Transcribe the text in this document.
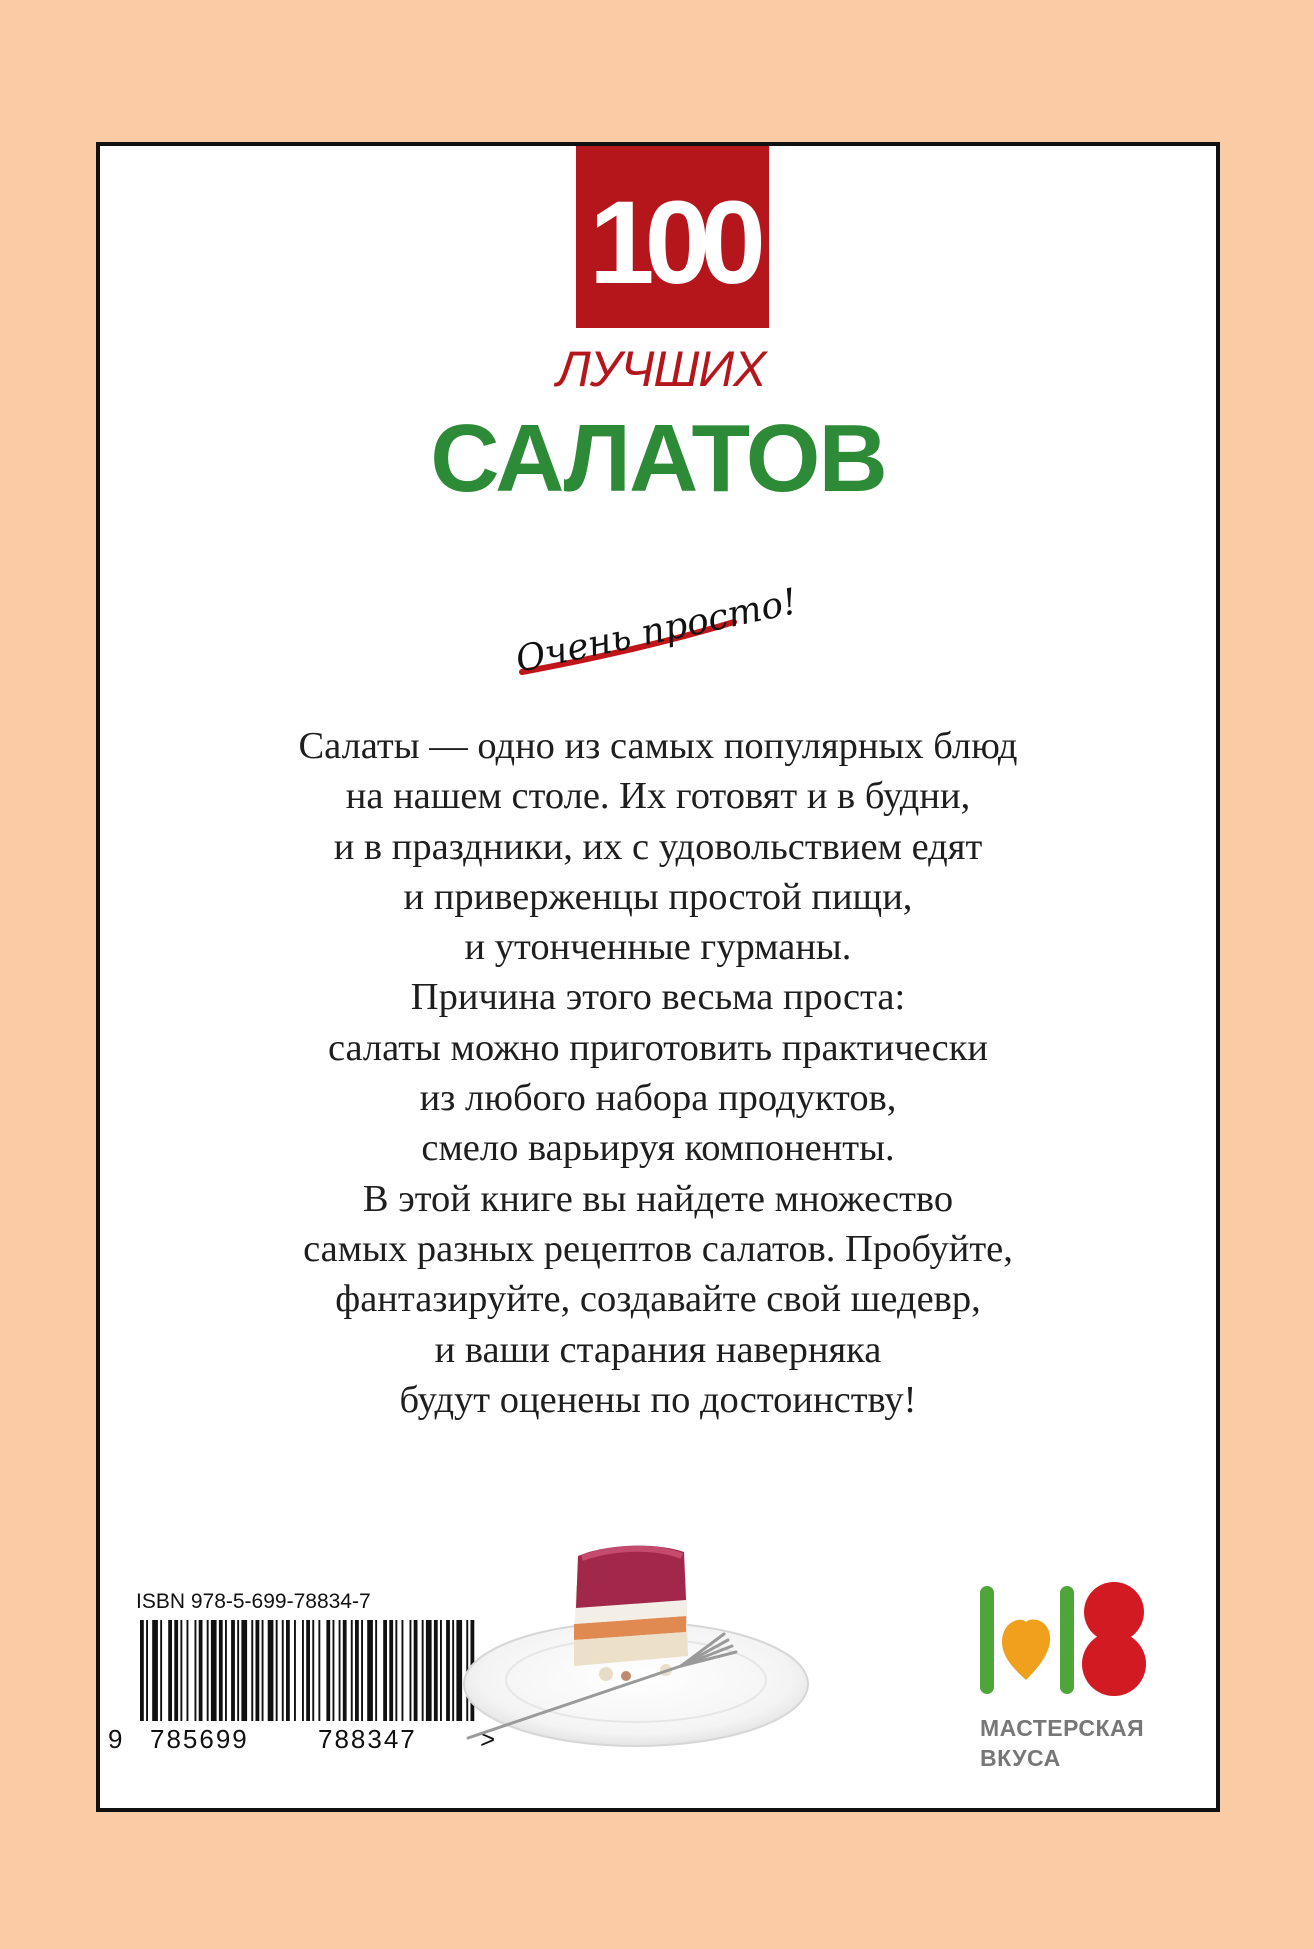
100
ЛУЧШИХ
САЛАТОВ
Очень просто!
Салаты — одно из самых популярных блюд
на нашем столе. Их готовят и в будни,
и в праздники, их с удовольствием едят
и приверженцы простой пищи,
и утонченные гурманы.
Причина этого весьма проста:
салаты можно приготовить практически
из любого набора продуктов,
смело варьируя компоненты.
В этой книге вы найдете множество
самых разных рецептов салатов. Пробуйте,
фантазируйте, создавайте свой шедевр,
и ваши старания наверняка
будут оценены по достоинству!
ISBN 978-5-699-78834-7
9 785699	788347 >	МАСТЕРСКАЯ
ВКУСА
